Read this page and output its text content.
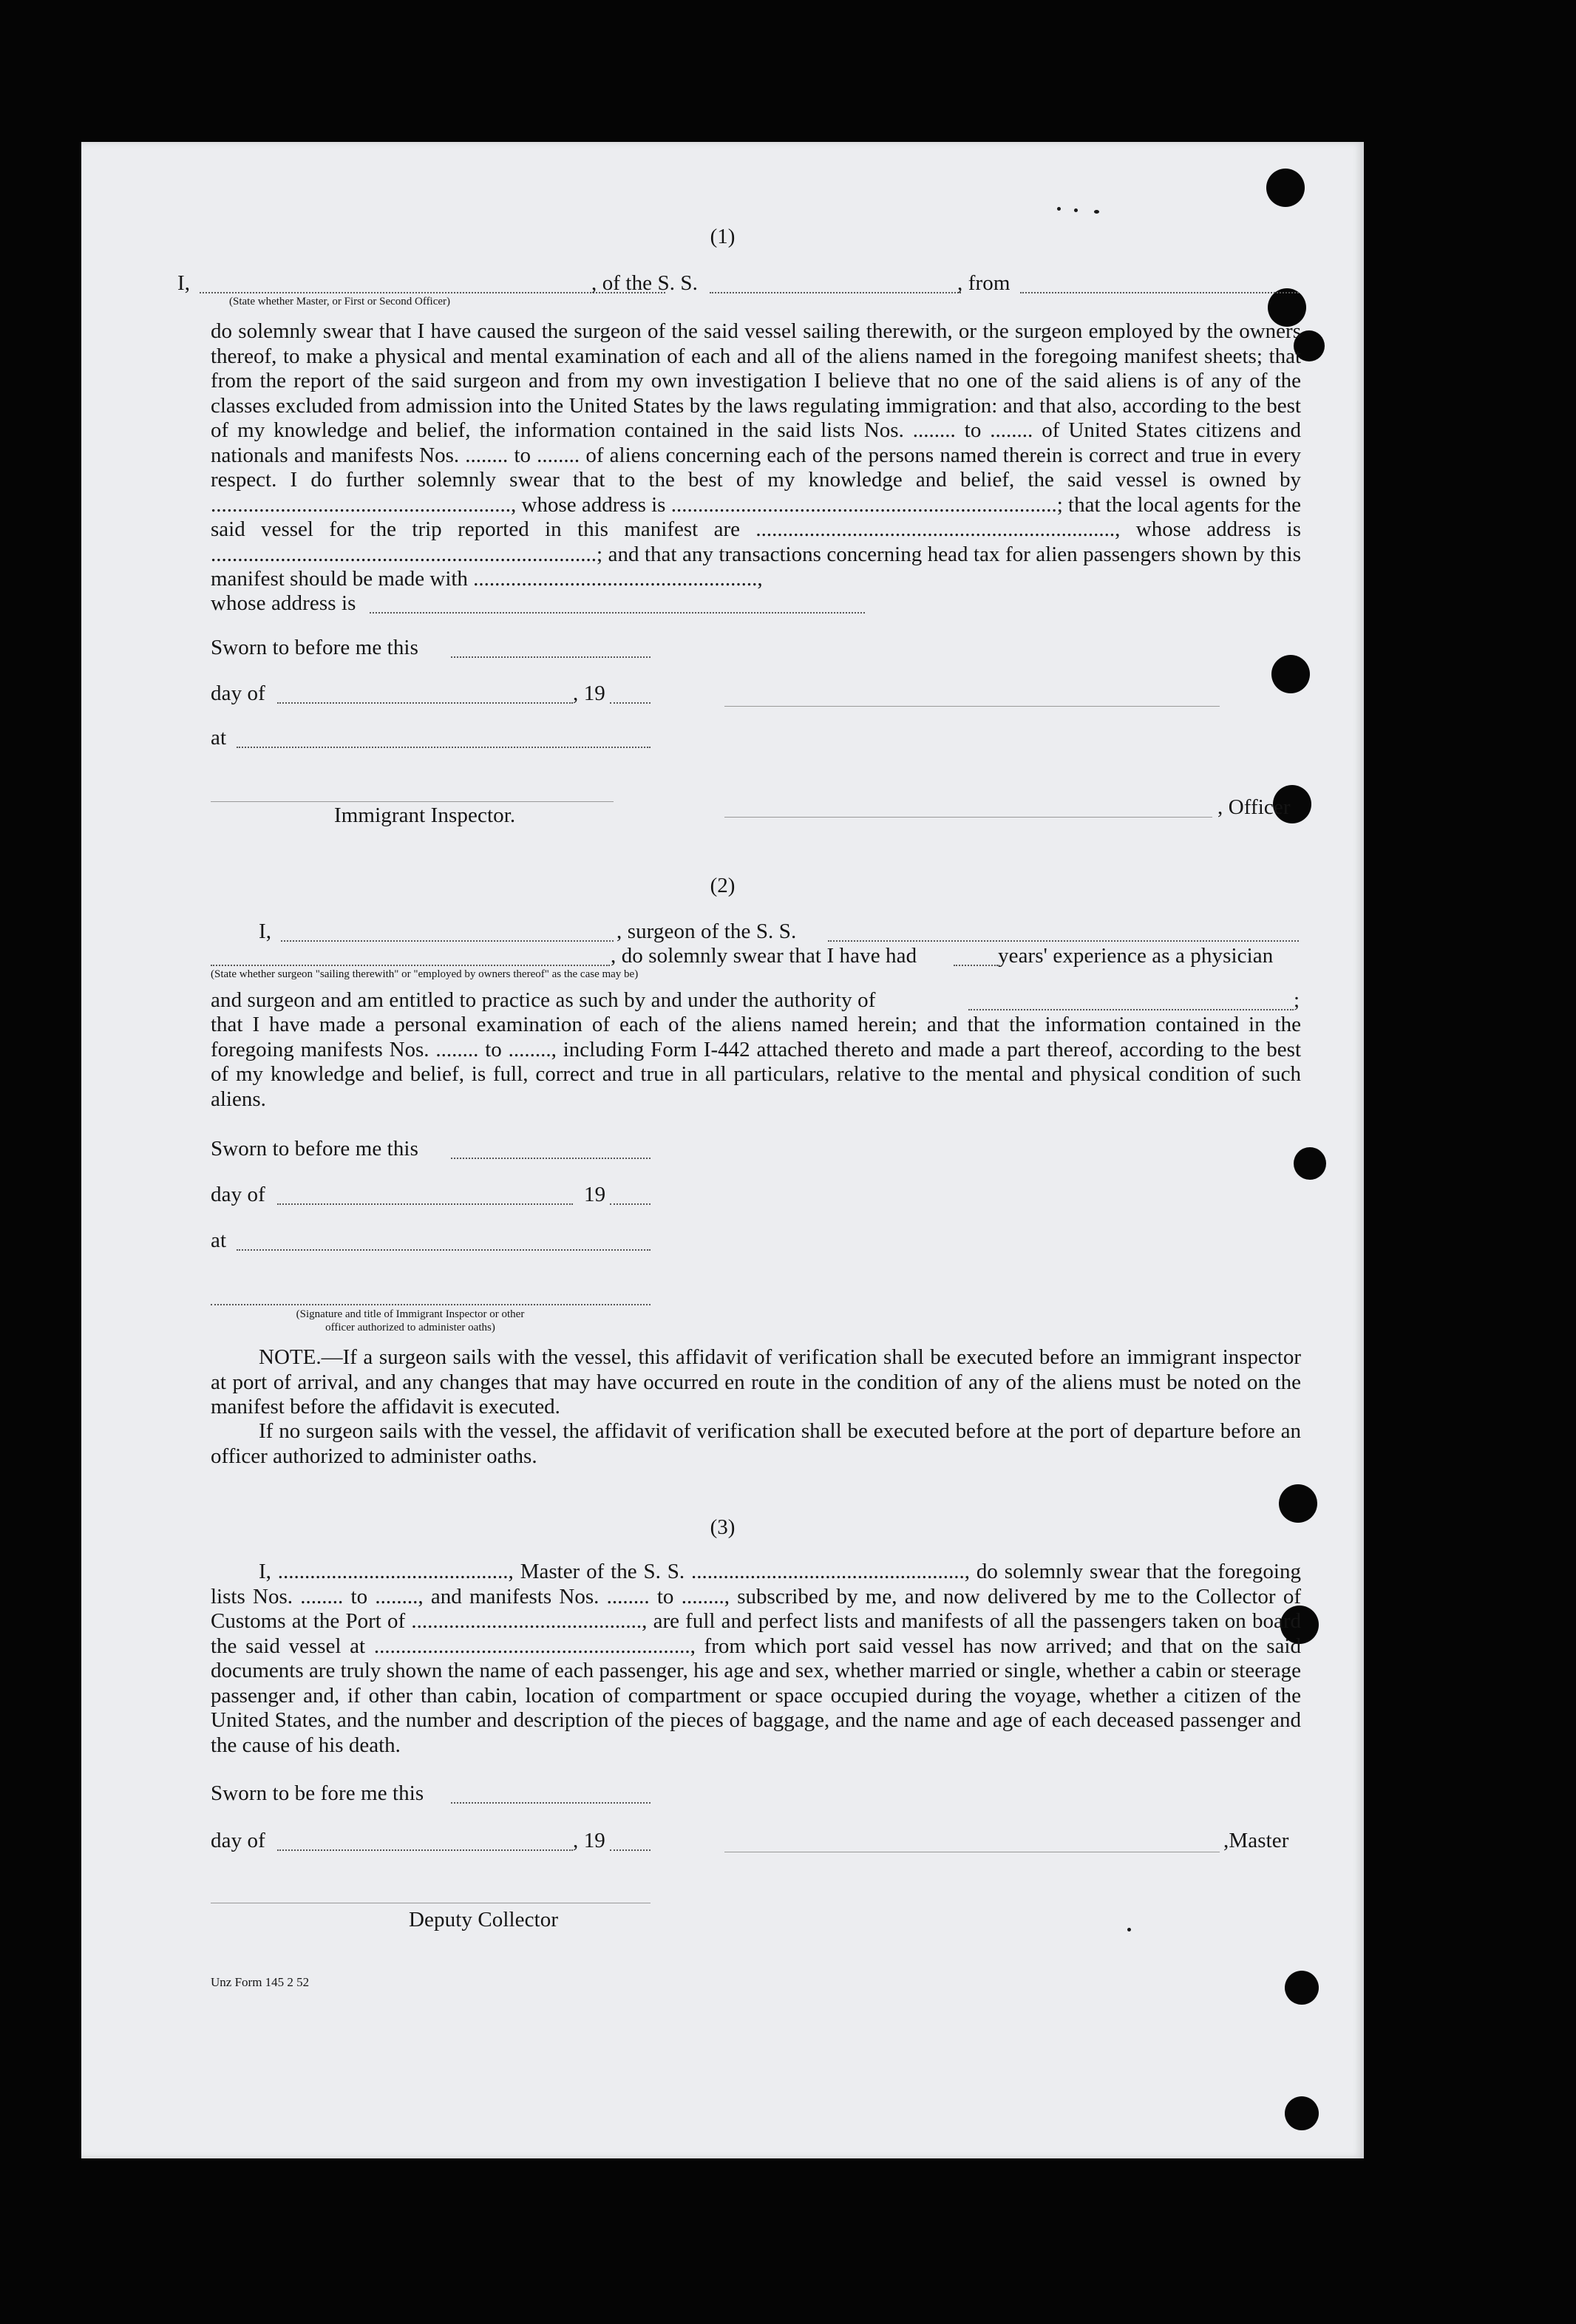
(1)
I,	, of the S. S.	, from
(State whether Master, or First or Second Officer)

do solemnly swear that I have caused the surgeon of the said vessel sailing therewith, or the surgeon employed by the owners thereof, to make a physical and mental examination of each and all of the aliens named in the foregoing manifest sheets; that from the report of the said surgeon and from my own investigation I believe that no one of the said aliens is of any of the classes excluded from admission into the United States by the laws regulating immigration: and that also, according to the best of my knowledge and belief, the information contained in the said lists Nos. ........ to ........ of United States citizens and nationals and manifests Nos. ........ to ........ of aliens concerning each of the persons named therein is correct and true in every respect. I do further solemnly swear that to the best of my knowledge and belief, the said vessel is owned by ........................................................, whose address is ........................................................................; that the local agents for the said vessel for the trip reported in this manifest are ..................................................................., whose address is ........................................................................; and that any transactions concerning head tax for alien passengers shown by this manifest should be made with .....................................................,

whose address is
Sworn to before me this
day of	, 19
at
Immigrant Inspector.	, Officer
(2)
I,	, surgeon of the S. S.
, do solemnly swear that I have had	years' experience as a physician
(State whether surgeon "sailing therewith" or "employed by owners thereof" as the case may be)
and surgeon and am entitled to practice as such by and under the authority of	;

that I have made a personal examination of each of the aliens named herein; and that the information contained in the foregoing manifests Nos. ........ to ........, including Form I-442 attached thereto and made a part thereof, according to the best of my knowledge and belief, is full, correct and true in all particulars, relative to the mental and physical condition of such aliens.

Sworn to before me this
day of	19
at
(Signature and title of Immigrant Inspector or other
officer authorized to administer oaths)

NOTE.—If a surgeon sails with the vessel, this affidavit of verification shall be executed before an immigrant inspector at port of arrival, and any changes that may have occurred en route in the condition of any of the aliens must be noted on the manifest before the affidavit is executed.

If no surgeon sails with the vessel, the affidavit of verification shall be executed before at the port of departure before an officer authorized to administer oaths.

(3)

I, ..........................................., Master of the S. S. ..................................................., do solemnly swear that the foregoing lists Nos. ........ to ........, and manifests Nos. ........ to ........, subscribed by me, and now delivered by me to the Collector of Customs at the Port of ..........................................., are full and perfect lists and manifests of all the passengers taken on board the said vessel at ..........................................................., from which port said vessel has now arrived; and that on the said documents are truly shown the name of each passenger, his age and sex, whether married or single, whether a cabin or steerage passenger and, if other than cabin, location of compartment or space occupied during the voyage, whether a citizen of the United States, and the number and description of the pieces of baggage, and the name and age of each deceased passenger and the cause of his death.

Sworn to be fore me this
day of	, 19	,Master
Deputy Collector
Unz Form 145 2 52
